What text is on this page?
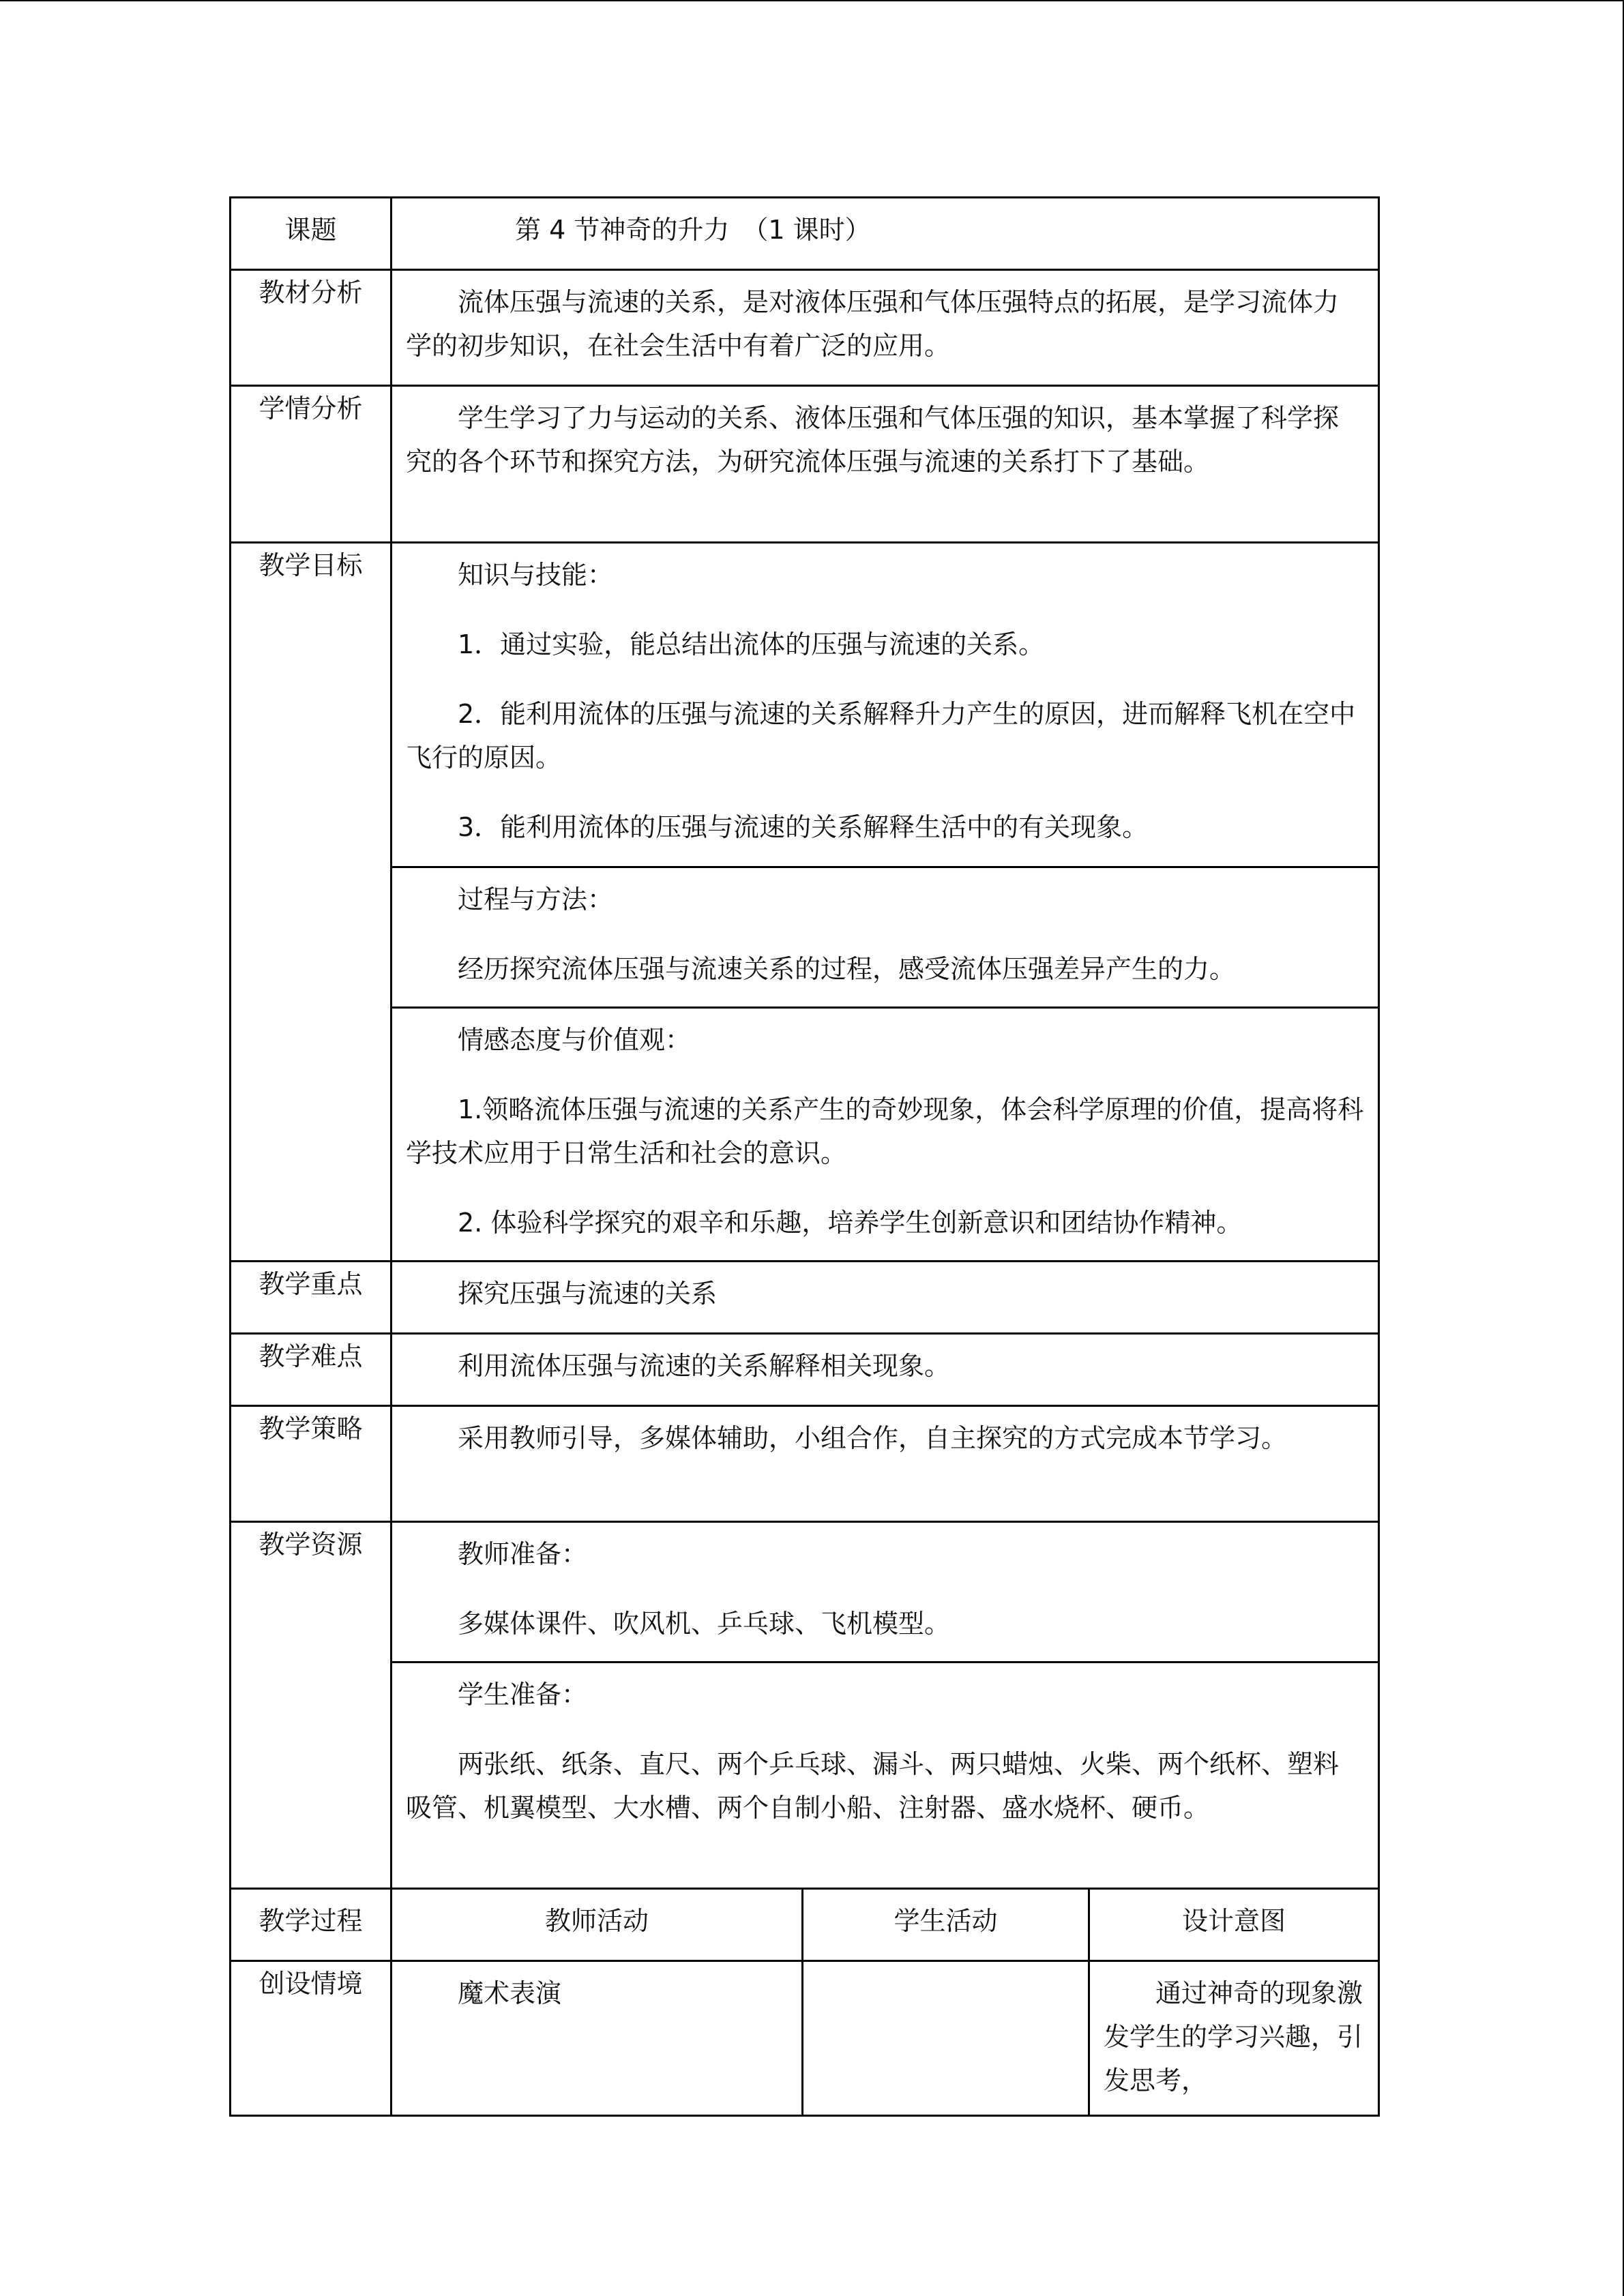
课题	第 4 节神奇的升力　（1 课时）		
教材分析	流体压强与流速的关系，是对液体压强和气体压强特点的拓展，是学习流体力学的初步知识，在社会生活中有着广泛的应用。		

学情分析	学生学习了力与运动的关系、液体压强和气体压强的知识，基本掌握了科学探究的各个环节和探究方法，为研究流体压强与流速的关系打下了基础。		

教学目标	知识与技能：

1．通过实验，能总结出流体的压强与流速的关系。

2．能利用流体的压强与流速的关系解释升力产生的原因，进而解释飞机在空中飞行的原因。

3．能利用流体的压强与流速的关系解释生活中的有关现象。		

	过程与方法：

经历探究流体压强与流速关系的过程，感受流体压强差异产生的力。		

	情感态度与价值观：

1.领略流体压强与流速的关系产生的奇妙现象，体会科学原理的价值，提高将科学技术应用于日常生活和社会的意识。

2. 体验科学探究的艰辛和乐趣，培养学生创新意识和团结协作精神。		

教学重点	探究压强与流速的关系		

教学难点	利用流体压强与流速的关系解释相关现象。		

教学策略	采用教师引导，多媒体辅助，小组合作，自主探究的方式完成本节学习。		

教学资源	教师准备：

多媒体课件、吹风机、乒乓球、飞机模型。		

	学生准备：

两张纸、纸条、直尺、两个乒乓球、漏斗、两只蜡烛、火柴、两个纸杯、塑料吸管、机翼模型、大水槽、两个自制小船、注射器、盛水烧杯、硬币。		

教学过程	教师活动	学生活动	设计意图
创设情境	魔术表演		通过神奇的现象激发学生的学习兴趣，引发思考，
